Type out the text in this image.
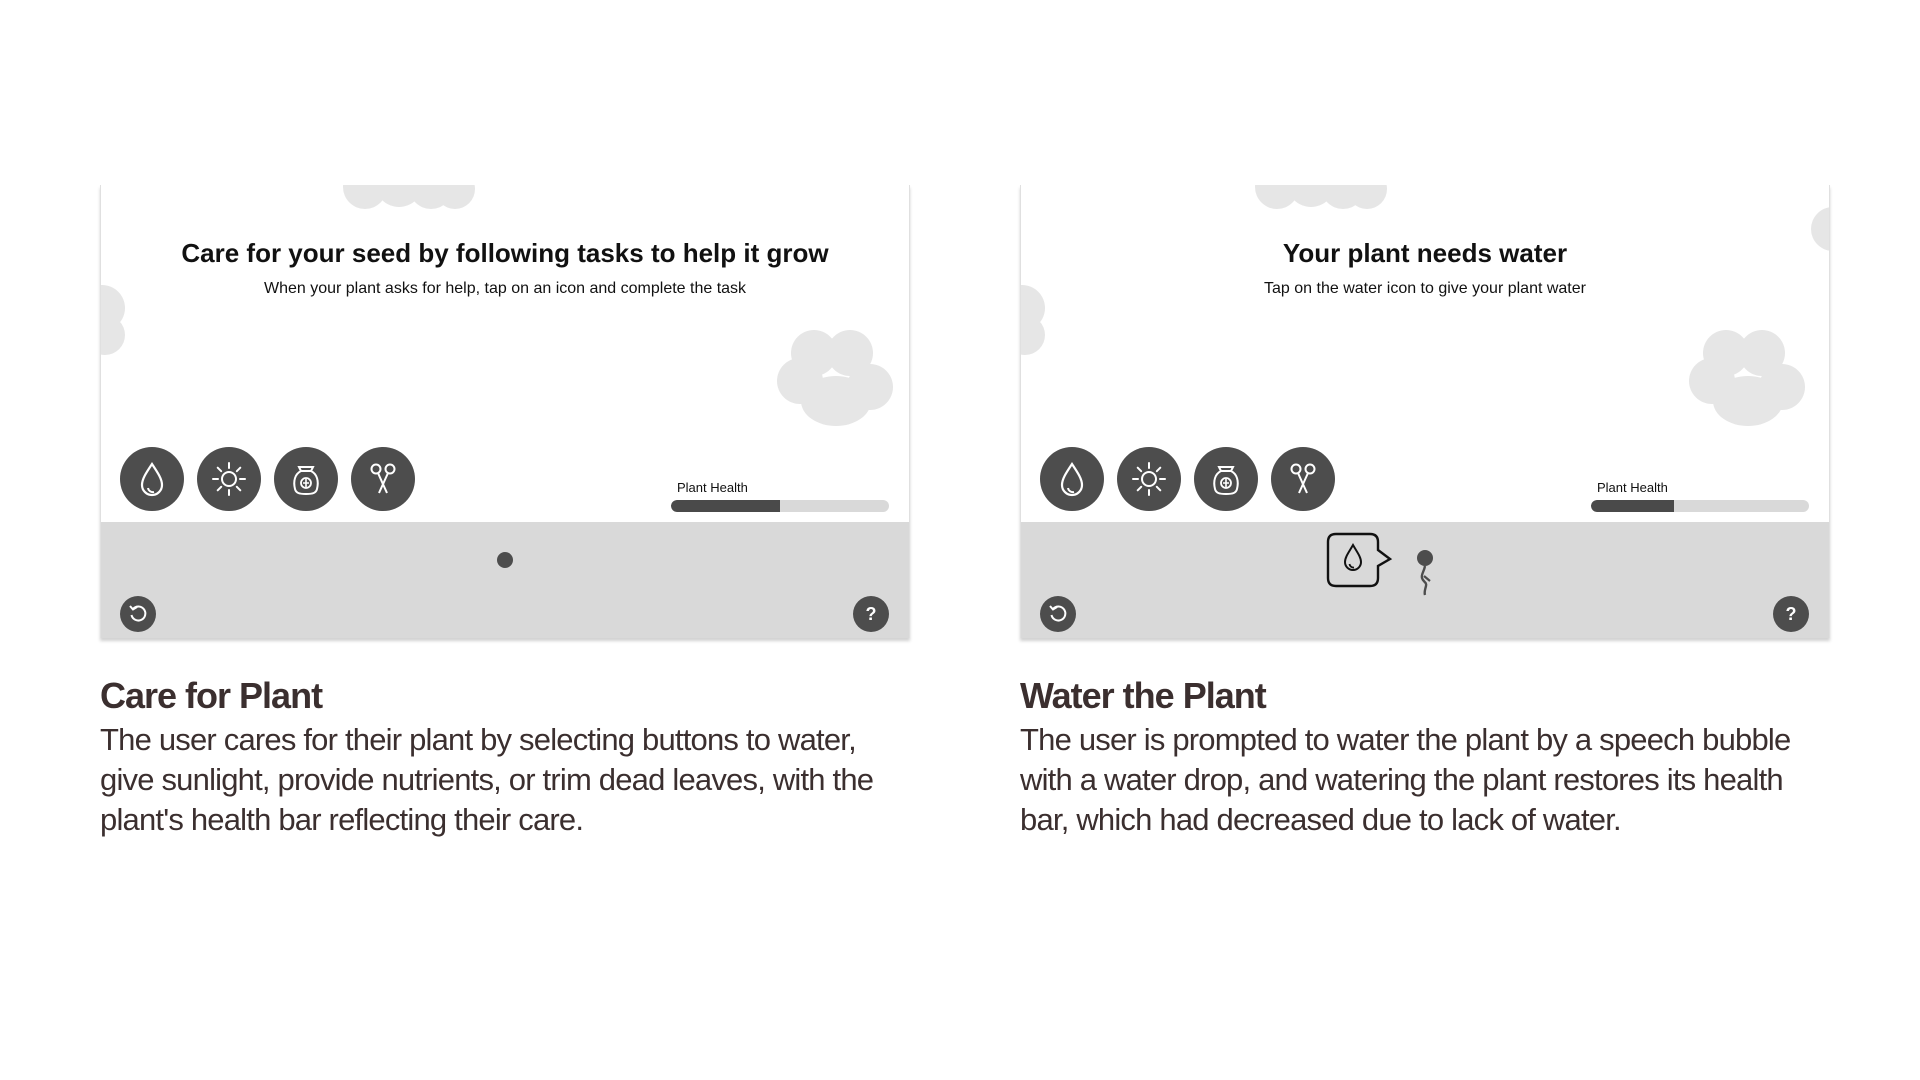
Care for your seed by following tasks to help it grow
When your plant asks for help, tap on an icon and complete the task
Plant Health
?
Care for Plant
The user cares for their plant by selecting buttons to water, give sunlight, provide nutrients, or trim dead leaves, with the plant's health bar reflecting their care.
Your plant needs water
Tap on the water icon to give your plant water
Plant Health
?
Water the Plant
The user is prompted to water the plant by a speech bubble with a water drop, and watering the plant restores its health bar, which had decreased due to lack of water.
